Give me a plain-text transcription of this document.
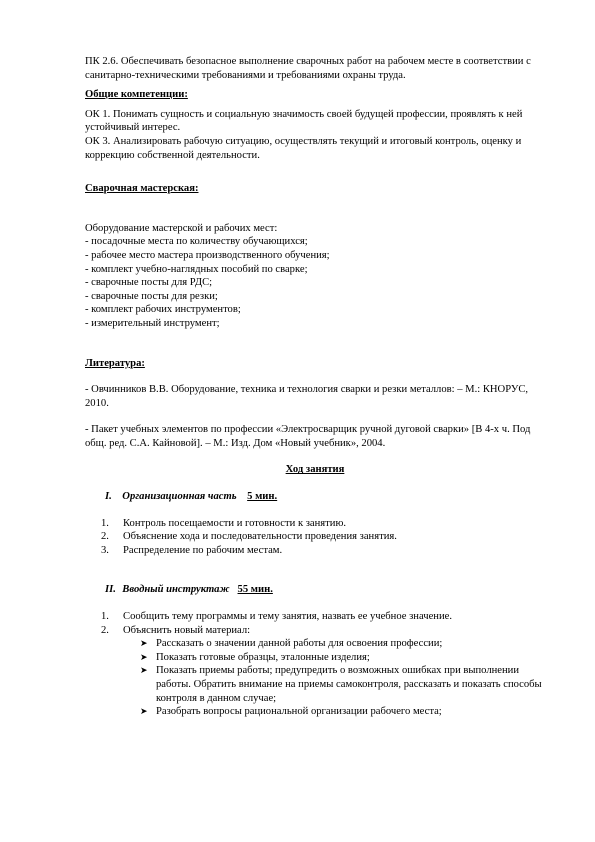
ПК 2.6. Обеспечивать безопасное выполнение сварочных работ на рабочем месте в соответствии с санитарно-техническими требованиями и требованиями охраны труда.

Общие компетенции:

ОК 1. Понимать сущность и социальную значимость своей будущей профессии, проявлять к ней устойчивый интерес.

ОК 3. Анализировать рабочую ситуацию, осуществлять текущий и итоговый контроль, оценку и коррекцию собственной деятельности.

Сварочная мастерская:

Оборудование мастерской и рабочих мест:

- посадочные места по количеству обучающихся;

- рабочее место мастера производственного обучения;

- комплект учебно-наглядных пособий по сварке;

- сварочные посты для РДС;

- сварочные посты для резки;

- комплект рабочих инструментов;

- измерительный инструмент;

Литература:

- Овчинников В.В. Оборудование, техника и технология сварки и резки металлов: – М.: КНОРУС, 2010.

- Пакет учебных элементов по профессии «Электросварщик ручной дуговой сварки» [В 4-х ч. Под общ. ред. С.А. Кайновой]. – М.: Изд. Дом «Новый учебник», 2004.

Ход занятия

I. Организационная часть 5 мин.

1. Контроль посещаемости и готовности к занятию.
2. Объяснение хода и последовательности проведения занятия.
3. Распределение по рабочим местам.

II. Вводный инструктаж 55 мин.

1. Сообщить тему программы и тему занятия, назвать ее учебное значение.
2. Объяснить новый материал:
➤ Рассказать о значении данной работы для освоения профессии;
➤ Показать готовые образцы, эталонные изделия;
➤ Показать приемы работы; предупредить о возможных ошибках при выполнении работы. Обратить внимание на приемы самоконтроля, рассказать и показать способы контроля в данном случае;
➤ Разобрать вопросы рациональной организации рабочего места;
